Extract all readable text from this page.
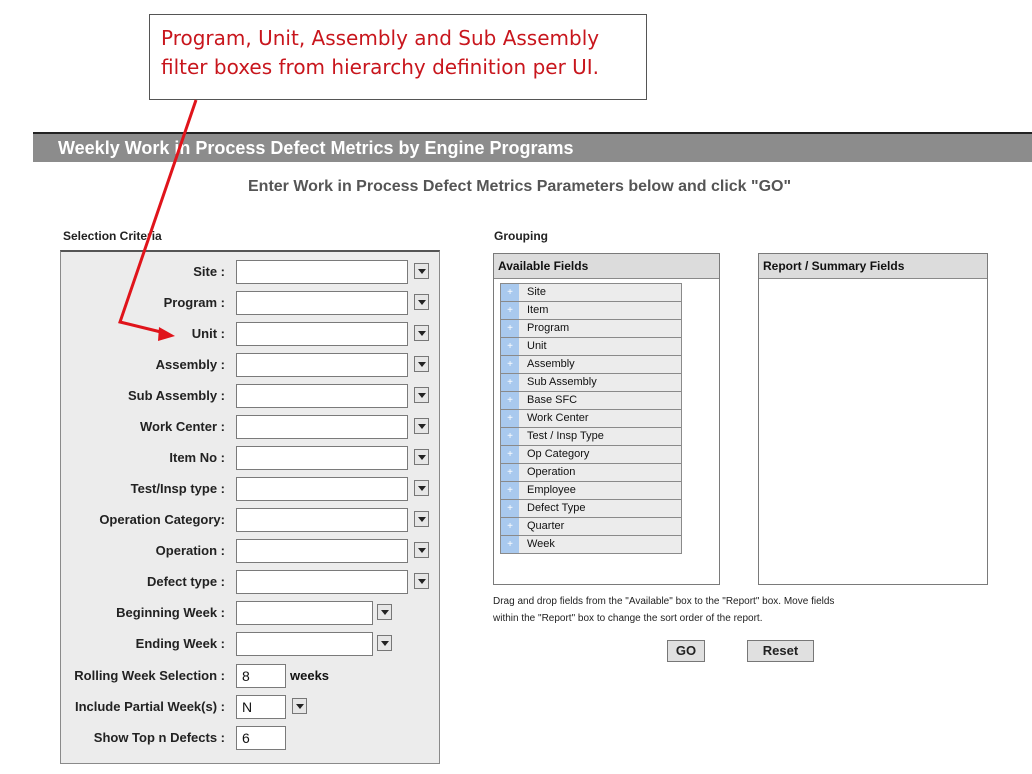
Program, Unit, Assembly and Sub Assembly
filter boxes from hierarchy definition per UI.
Weekly Work in Process Defect Metrics by Engine Programs
Enter Work in Process Defect Metrics Parameters below and click "GO"
Selection Criteria
Site :
Program :
Unit :
Assembly :
Sub Assembly :
Work Center :
Item No :
Test/Insp type :
Operation Category:
Operation :
Defect type :
Beginning Week :
Ending Week :
Rolling Week Selection :	8	weeks
Include Partial Week(s) :	N
Show Top n Defects :	6
Grouping
Available Fields
+	Site
+	Item
+	Program
+	Unit
+	Assembly
+	Sub Assembly
+	Base SFC
+	Work Center
+	Test / Insp Type
+	Op Category
+	Operation
+	Employee
+	Defect Type
+	Quarter
+	Week
Report / Summary Fields
Drag and drop fields from the "Available" box to the "Report" box. Move fields
within the "Report" box to change the sort order of the report.
GO	Reset
